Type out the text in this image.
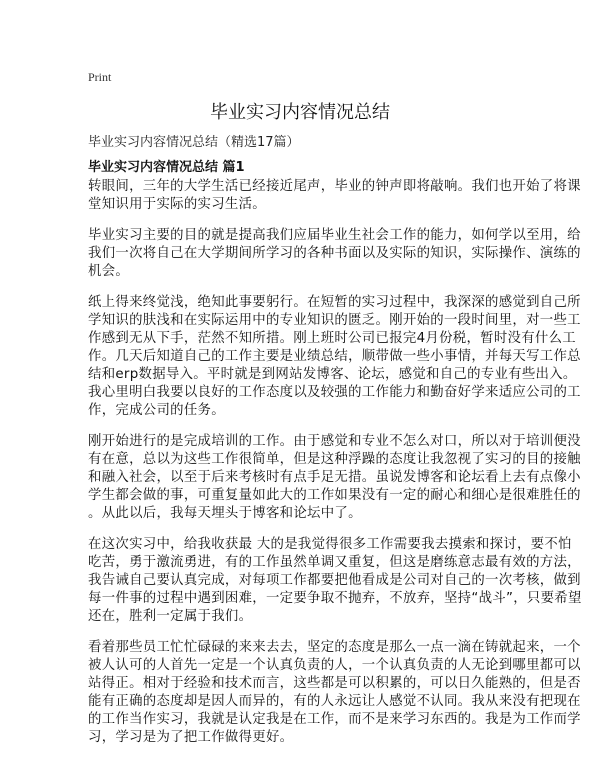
Print
毕业实习内容情况总结
毕业实习内容情况总结（精选17篇）
毕业实习内容情况总结 篇1
转眼间，三年的大学生活已经接近尾声，毕业的钟声即将敲响。我们也开始了将课
堂知识用于实际的实习生活。
毕业实习主要的目的就是提高我们应届毕业生社会工作的能力，如何学以至用，给
我们一次将自己在大学期间所学习的各种书面以及实际的知识，实际操作、演练的
机会。
纸上得来终觉浅，绝知此事要躬行。在短暂的实习过程中，我深深的感觉到自己所
学知识的肤浅和在实际运用中的专业知识的匮乏。刚开始的一段时间里，对一些工
作感到无从下手，茫然不知所措。刚上班时公司已报完4月份税，暂时没有什么工
作。几天后知道自己的工作主要是业绩总结，顺带做一些小事情，并每天写工作总
结和erp数据导入。平时就是到网站发博客、论坛，感觉和自己的专业有些出入。
我心里明白我要以良好的工作态度以及较强的工作能力和勤奋好学来适应公司的工
作，完成公司的任务。
刚开始进行的是完成培训的工作。由于感觉和专业不怎么对口，所以对于培训便没
有在意，总以为这些工作很简单，但是这种浮躁的态度让我忽视了实习的目的接触
和融入社会，以至于后来考核时有点手足无措。虽说发博客和论坛看上去有点像小
学生都会做的事，可重复量如此大的工作如果没有一定的耐心和细心是很难胜任的
。从此以后，我每天埋头于博客和论坛中了。
在这次实习中，给我收获最 大的是我觉得很多工作需要我去摸索和探讨，要不怕
吃苦，勇于激流勇进，有的工作虽然单调又重复，但这是磨练意志最有效的方法，
我告诫自己要认真完成，对每项工作都要把他看成是公司对自己的一次考核，做到
每一件事的过程中遇到困难，一定要争取不抛弃，不放弃，坚持“战斗”，只要希望
还在，胜利一定属于我们。
看着那些员工忙忙碌碌的来来去去，坚定的态度是那么一点一滴在铸就起来，一个
被人认可的人首先一定是一个认真负责的人，一个认真负责的人无论到哪里都可以
站得正。相对于经验和技术而言，这些都是可以积累的，可以日久能熟的，但是否
能有正确的态度却是因人而异的，有的人永远让人感觉不认同。我从来没有把现在
的工作当作实习，我就是认定我是在工作，而不是来学习东西的。我是为工作而学
习，学习是为了把工作做得更好。
